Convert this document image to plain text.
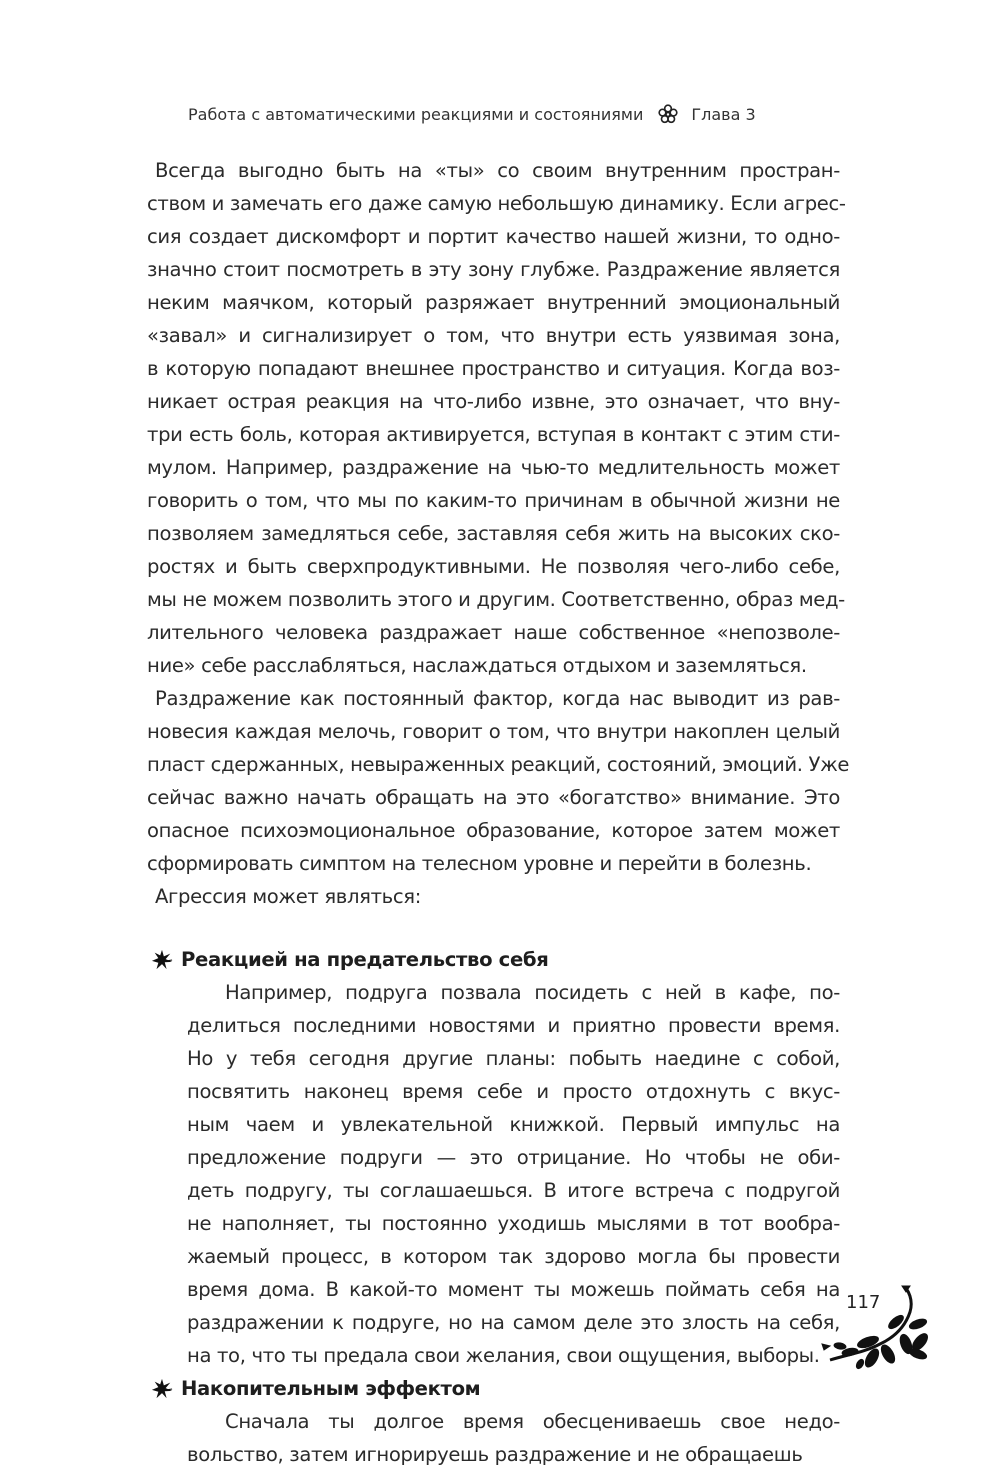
Работа с автоматическими реакциями и состояниями	Глава 3

Всегда выгодно быть на «ты» со своим внутренним простран-
ством и замечать его даже самую небольшую динамику. Если агрес-
сия создает дискомфорт и портит качество нашей жизни, то одно-
значно стоит посмотреть в эту зону глубже. Раздражение является
неким маячком, который разряжает внутренний эмоциональный
«завал» и сигнализирует о том, что внутри есть уязвимая зона,
в которую попадают внешнее пространство и ситуация. Когда воз-
никает острая реакция на что-либо извне, это означает, что вну-
три есть боль, которая активируется, вступая в контакт с этим сти-
мулом. Например, раздражение на чью-то медлительность может
говорить о том, что мы по каким-то причинам в обычной жизни не
позволяем замедляться себе, заставляя себя жить на высоких ско-
ростях и быть сверхпродуктивными. Не позволяя чего-либо себе,
мы не можем позволить этого и другим. Соответственно, образ мед-
лительного человека раздражает наше собственное «непозволе-
ние» себе расслабляться, наслаждаться отдыхом и заземляться.

Раздражение как постоянный фактор, когда нас выводит из рав-
новесия каждая мелочь, говорит о том, что внутри накоплен целый
пласт сдержанных, невыраженных реакций, состояний, эмоций. Уже
сейчас важно начать обращать на это «богатство» внимание. Это
опасное психоэмоциональное образование, которое затем может
сформировать симптом на телесном уровне и перейти в болезнь.

Агрессия может являться:

Реакцией на предательство себя
Например, подруга позвала посидеть с ней в кафе, по-
делиться последними новостями и приятно провести время.
Но у тебя сегодня другие планы: побыть наедине с собой,
посвятить наконец время себе и просто отдохнуть с вкус-
ным чаем и увлекательной книжкой. Первый импульс на
предложение подруги — это отрицание. Но чтобы не оби-
деть подругу, ты соглашаешься. В итоге встреча с подругой
не наполняет, ты постоянно уходишь мыслями в тот вообра-
жаемый процесс, в котором так здорово могла бы провести
время дома. В какой-то момент ты можешь поймать себя на
раздражении к подруге, но на самом деле это злость на себя,
на то, что ты предала свои желания, свои ощущения, выборы.
Накопительным эффектом
Сначала ты долгое время обесцениваешь свое недо-
вольство, затем игнорируешь раздражение и не обращаешь
117
